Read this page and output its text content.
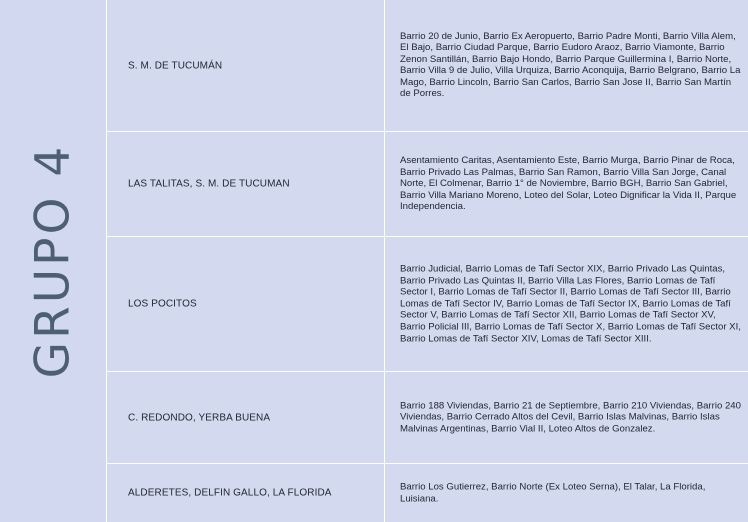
GRUPO 4
S. M. DE TUCUMÁN
Barrio 20 de Junio, Barrio Ex Aeropuerto, Barrio Padre Monti, Barrio Villa Alem, El Bajo, Barrio Ciudad Parque, Barrio Eudoro Araoz, Barrio Viamonte, Barrio Zenon Santillán, Barrio Bajo Hondo, Barrio Parque Guillermina I, Barrio Norte, Barrio Villa 9 de Julio, Villa Urquiza, Barrio Aconquija, Barrio Belgrano, Barrio La Mago, Barrio Lincoln, Barrio San Carlos, Barrio San Jose II, Barrio San Martín de Porres.
LAS TALITAS, S. M. DE TUCUMAN
Asentamiento Caritas, Asentamiento Este, Barrio Murga, Barrio Pinar de Roca, Barrio Privado Las Palmas, Barrio San Ramon, Barrio Villa San Jorge, Canal Norte, El Colmenar, Barrio 1° de Noviembre, Barrio BGH, Barrio San Gabriel, Barrio Villa Mariano Moreno, Loteo del Solar, Loteo Dignificar la Vida II, Parque Independencia.
LOS POCITOS
Barrio Judicial, Barrio Lomas de Tafí Sector XIX, Barrio Privado Las Quintas, Barrio Privado Las Quintas II, Barrio Villa Las Flores, Barrio Lomas de Tafí Sector I, Barrio Lomas de Tafí Sector II, Barrio Lomas de Tafí Sector III, Barrio Lomas de Tafí Sector IV, Barrio Lomas de Tafí Sector IX, Barrio Lomas de Tafí Sector V, Barrio Lomas de Tafí Sector XII, Barrio Lomas de Tafí Sector XV, Barrio Policial III, Barrio Lomas de Tafí Sector X, Barrio Lomas de Tafí Sector XI, Barrio Lomas de Tafí Sector XIV, Lomas de Tafí Sector XIII.
C. REDONDO, YERBA BUENA
Barrio 188 Viviendas, Barrio 21 de Septiembre, Barrio 210 Viviendas, Barrio 240 Viviendas, Barrio Cerrado Altos del Cevil, Barrio Islas Malvinas, Barrio Islas Malvinas Argentinas, Barrio Vial II, Loteo Altos de Gonzalez.
ALDERETES, DELFIN GALLO, LA FLORIDA
Barrio Los Gutierrez, Barrio Norte (Ex Loteo Serna), El Talar, La Florida, Luisiana.
